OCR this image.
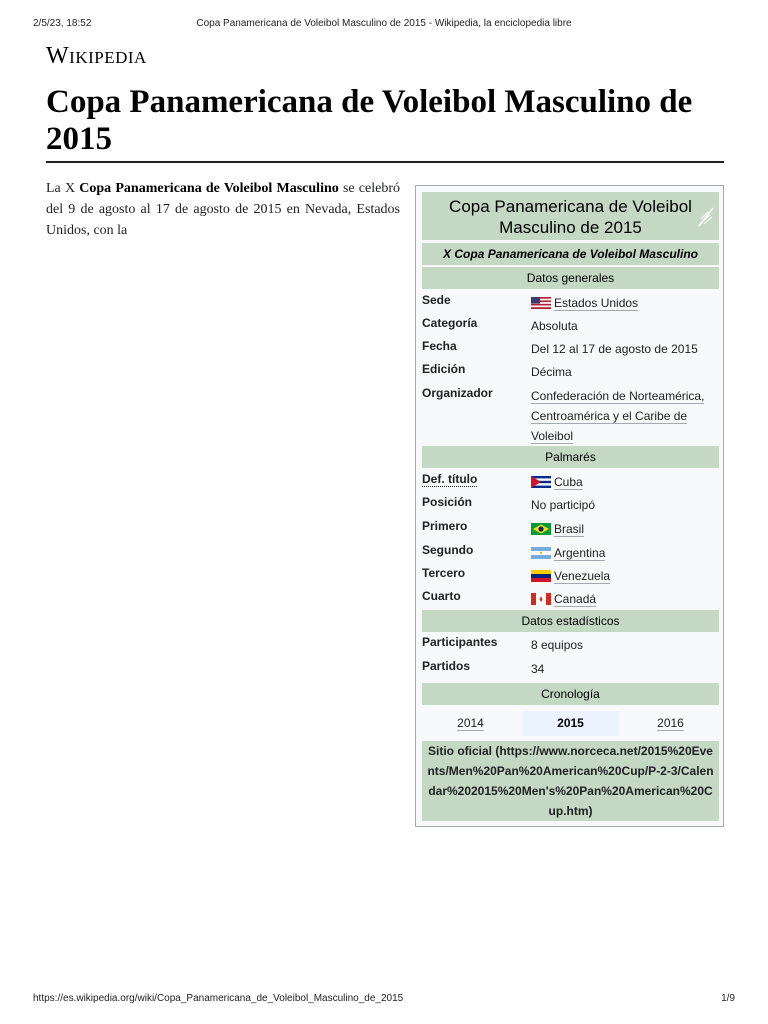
2/5/23, 18:52	Copa Panamericana de Voleibol Masculino de 2015 - Wikipedia, la enciclopedia libre
Wikipedia
Copa Panamericana de Voleibol Masculino de 2015

La X Copa Panamericana de Voleibol Masculino se celebró del 9 de agosto al 17 de agosto de 2015 en Nevada, Estados Unidos, con la

Copa Panamericana de Voleibol Masculino de 2015
X Copa Panamericana de Voleibol Masculino
Datos generales
Sede	Estados Unidos
Categoría	Absoluta
Fecha	Del 12 al 17 de agosto de 2015
Edición	Décima
Organizador	Confederación de Norteamérica, Centroamérica y el Caribe de Voleibol
Palmarés
Def. título	Cuba
Posición	No participó
Primero	Brasil
Segundo	Argentina
Tercero	Venezuela
Cuarto	Canadá
Datos estadísticos
Participantes	8 equipos
Partidos	34
Cronología
2014	2015	2016
Sitio oficial (https://www.norceca.net/2015%20Events/Men%20Pan%20American%20Cup/P-2-3/Calendar%202015%20Men's%20Pan%20American%20Cup.htm)
https://es.wikipedia.org/wiki/Copa_Panamericana_de_Voleibol_Masculino_de_2015	1/9
